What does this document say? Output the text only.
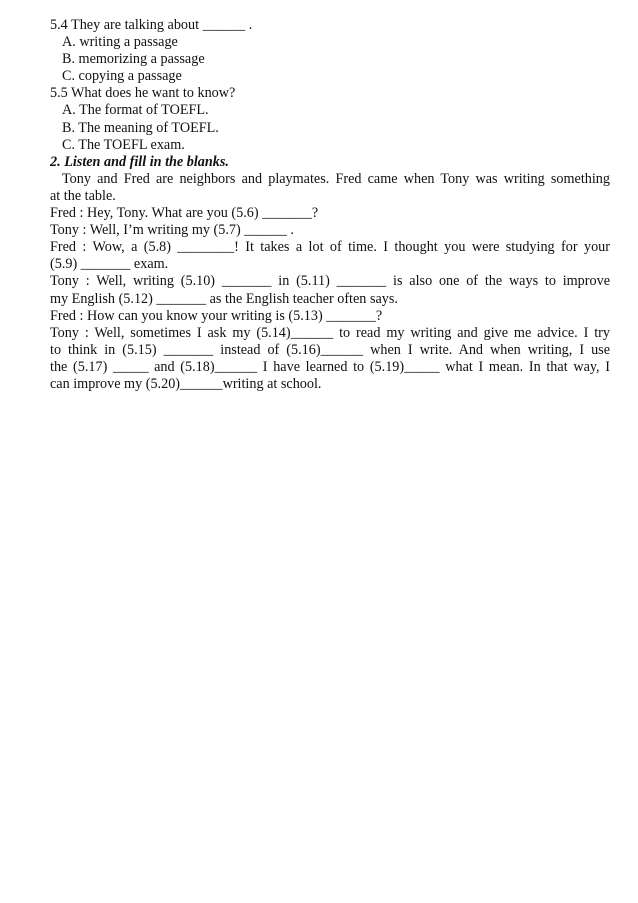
5.4 They are talking about ______ .
A. writing a passage
B. memorizing a passage
C. copying a passage
5.5 What does he want to know?
A. The format of TOEFL.
B. The meaning of TOEFL.
C. The TOEFL exam.
2. Listen and fill in the blanks.
Tony and Fred are neighbors and playmates. Fred came when Tony was writing something
at the table.
Fred : Hey, Tony. What are you (5.6) _______?
Tony : Well, I’m writing my (5.7) ______ .
Fred : Wow, a (5.8) ________! It takes a lot of time. I thought you were studying for your
(5.9) _______ exam.
Tony : Well, writing (5.10) _______ in (5.11) _______ is also one of the ways to improve
my English (5.12) _______ as the English teacher often says.
Fred : How can you know your writing is (5.13) _______?
Tony : Well, sometimes I ask my (5.14)______ to read my writing and give me advice. I try
to think in (5.15) _______ instead of (5.16)______ when I write. And when writing, I use
the (5.17) _____ and (5.18)______ I have learned to (5.19)_____ what I mean. In that way, I
can improve my (5.20)______writing at school.
